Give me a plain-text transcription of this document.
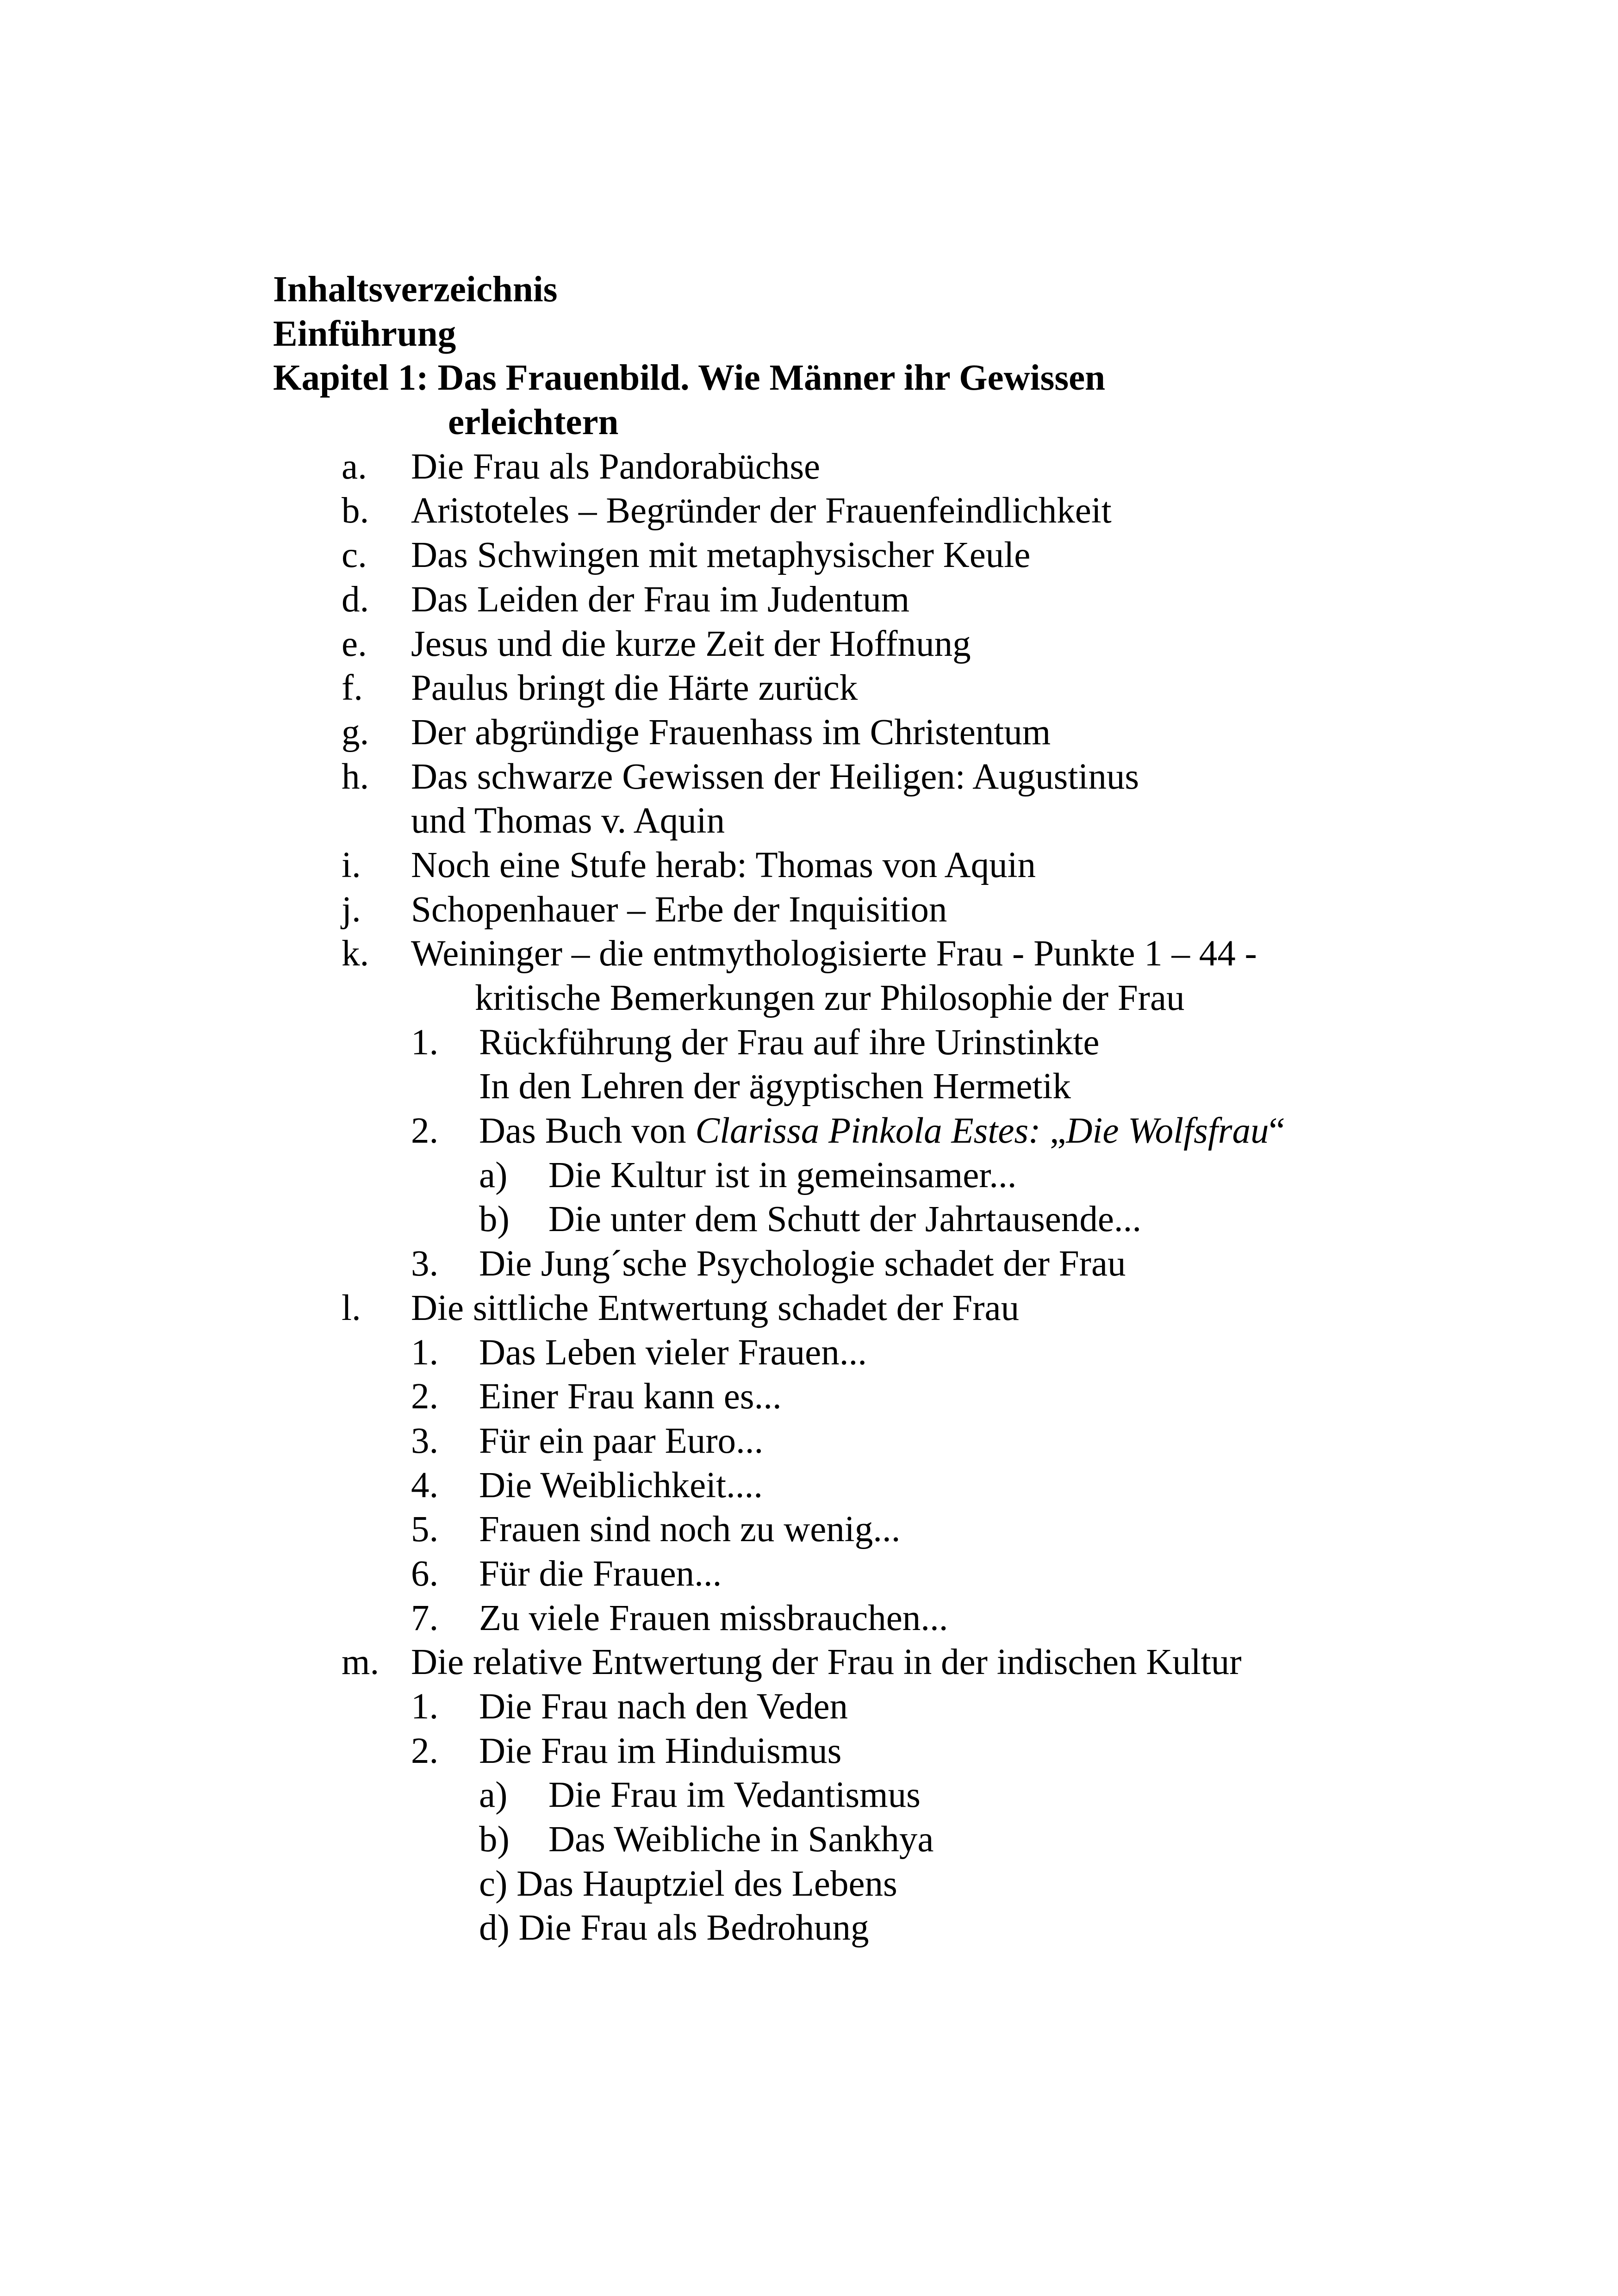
Inhaltsverzeichnis
Einführung
Kapitel 1: Das Frauenbild. Wie Männer ihr Gewissen
erleichtern
a. Die Frau als Pandorabüchse
b. Aristoteles – Begründer der Frauenfeindlichkeit
c. Das Schwingen mit metaphysischer Keule
d. Das Leiden der Frau im Judentum
e. Jesus und die kurze Zeit der Hoffnung
f. Paulus bringt die Härte zurück
g. Der abgründige Frauenhass im Christentum
h. Das schwarze Gewissen der Heiligen: Augustinus
und Thomas v. Aquin
i. Noch eine Stufe herab: Thomas von Aquin
j. Schopenhauer – Erbe der Inquisition
k. Weininger – die entmythologisierte Frau - Punkte 1 – 44 -
kritische Bemerkungen zur Philosophie der Frau
1. Rückführung der Frau auf ihre Urinstinkte
In den Lehren der ägyptischen Hermetik
2. Das Buch von Clarissa Pinkola Estes: „Die Wolfsfrau“
a) Die Kultur ist in gemeinsamer...
b) Die unter dem Schutt der Jahrtausende...
3. Die Jung´sche Psychologie schadet der Frau
l. Die sittliche Entwertung schadet der Frau
1. Das Leben vieler Frauen...
2. Einer Frau kann es...
3. Für ein paar Euro...
4. Die Weiblichkeit....
5. Frauen sind noch zu wenig...
6. Für die Frauen...
7. Zu viele Frauen missbrauchen...
m. Die relative Entwertung der Frau in der indischen Kultur
1. Die Frau nach den Veden
2. Die Frau im Hinduismus
a) Die Frau im Vedantismus
b) Das Weibliche in Sankhya
c) Das Hauptziel des Lebens
d) Die Frau als Bedrohung
